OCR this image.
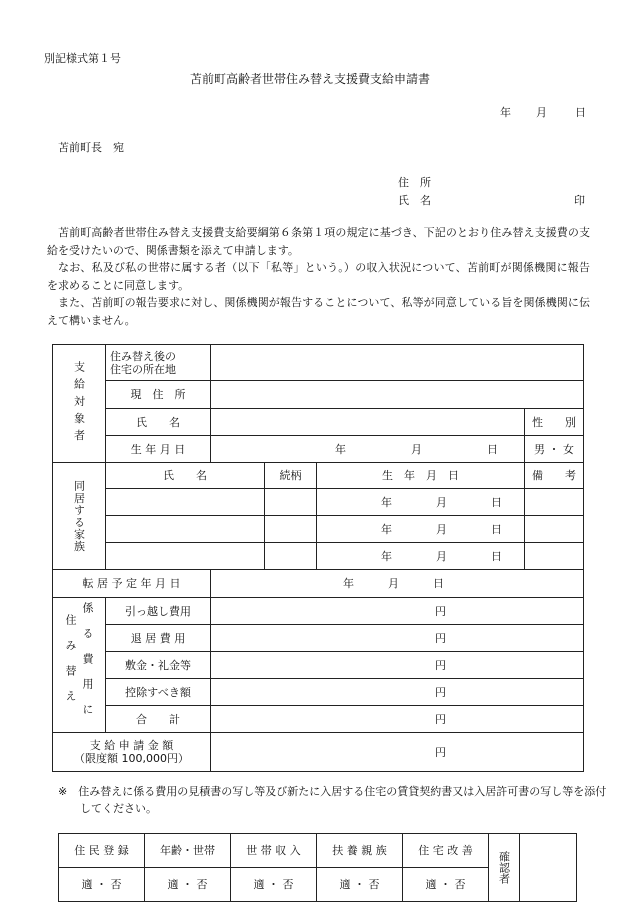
別記様式第１号
苫前町高齢者世帯住み替え支援費支給申請書
年 月	日
苫前町長　宛
住　所
氏　名	印
苫前町高齢者世帯住み替え支援費支給要綱第６条第１項の規定に基づき、下記のとおり住み替え支援費の支給を受けたいので、関係書類を添えて申請します。
なお、私及び私の世帯に属する者（以下「私等」という。）の収入状況について、苫前町が関係機関に報告を求めることに同意します。
また、苫前町の報告要求に対し、関係機関が報告することについて、私等が同意している旨を関係機関に伝えて構いません。
支給対象者	住み替え後の
住宅の所在地				
	現　住　所				
	氏　　名				性　　別
	生 年 月 日	年 月 日			男 ・ 女

同居する家族	氏　　名		続柄	生　年　月　日	備　　考

				年 月 日	

				年 月 日	

				年 月 日	

転 居 予 定 年 月 日		年 月 日			

住み替え 係る費用に	引っ越し費用	円			
	退 居 費 用	円			
	敷金・礼金等	円			
	控除すべき額	円			
	合　　計	円			

支 給 申 請 金 額
（限度額 100,000円）		円			
※　住み替えに係る費用の見積書の写し等及び新たに入居する住宅の賃貸契約書又は入居許可書の写し等を添付してください。
住 民 登 録	年齢・世帯	世 帯 収 入	扶 養 親 族	住 宅 改 善	確認者	

適 ・ 否	適 ・ 否	適 ・ 否	適 ・ 否	適 ・ 否		
